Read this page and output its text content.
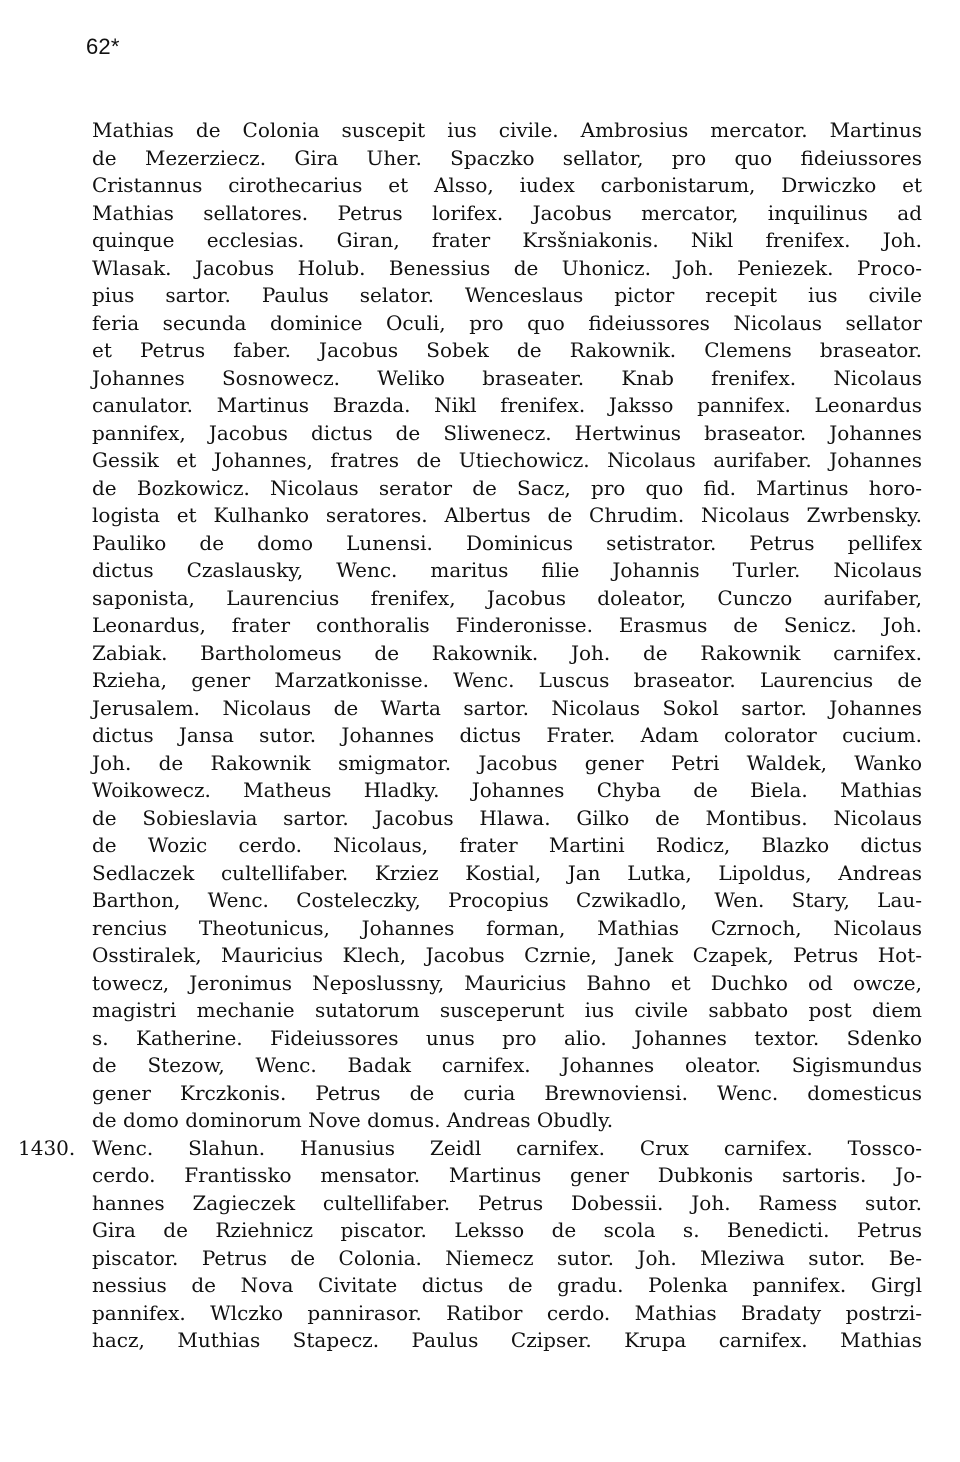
62*
1430.
Mathias de Colonia suscepit ius civile. Ambrosius mercator. Martinus
de Mezerziecz. Gira Uher. Spaczko sellator, pro quo fideiussores
Cristannus cirothecarius et Alsso, iudex carbonistarum, Drwiczko et
Mathias sellatores. Petrus lorifex. Jacobus mercator, inquilinus ad
quinque ecclesias. Giran, frater Krsšniakonis. Nikl frenifex. Joh.
Wlasak. Jacobus Holub. Benessius de Uhonicz. Joh. Peniezek. Proco-
pius sartor. Paulus selator. Wenceslaus pictor recepit ius civile
feria secunda dominice Oculi, pro quo fideiussores Nicolaus sellator
et Petrus faber. Jacobus Sobek de Rakownik. Clemens braseator.
Johannes Sosnowecz. Weliko braseater. Knab frenifex. Nicolaus
canulator. Martinus Brazda. Nikl frenifex. Jaksso pannifex. Leonardus
pannifex, Jacobus dictus de Sliwenecz. Hertwinus braseator. Johannes
Gessik et Johannes, fratres de Utiechowicz. Nicolaus aurifaber. Johannes
de Bozkowicz. Nicolaus serator de Sacz, pro quo fid. Martinus horo-
logista et Kulhanko seratores. Albertus de Chrudim. Nicolaus Zwrbensky.
Pauliko de domo Lunensi. Dominicus setistrator. Petrus pellifex
dictus Czaslausky, Wenc. maritus filie Johannis Turler. Nicolaus
saponista, Laurencius frenifex, Jacobus doleator, Cunczo aurifaber,
Leonardus, frater conthoralis Finderonisse. Erasmus de Senicz. Joh.
Zabiak. Bartholomeus de Rakownik. Joh. de Rakownik carnifex.
Rzieha, gener Marzatkonisse. Wenc. Luscus braseator. Laurencius de
Jerusalem. Nicolaus de Warta sartor. Nicolaus Sokol sartor. Johannes
dictus Jansa sutor. Johannes dictus Frater. Adam colorator cucium.
Joh. de Rakownik smigmator. Jacobus gener Petri Waldek, Wanko
Woikowecz. Matheus Hladky. Johannes Chyba de Biela. Mathias
de Sobieslavia sartor. Jacobus Hlawa. Gilko de Montibus. Nicolaus
de Wozic cerdo. Nicolaus, frater Martini Rodicz, Blazko dictus
Sedlaczek cultellifaber. Krziez Kostial, Jan Lutka, Lipoldus, Andreas
Barthon, Wenc. Costeleczky, Procopius Czwikadlo, Wen. Stary, Lau-
rencius Theotunicus, Johannes forman, Mathias Czrnoch, Nicolaus
Osstiralek, Mauricius Klech, Jacobus Czrnie, Janek Czapek, Petrus Hot-
towecz, Jeronimus Neposlussny, Mauricius Bahno et Duchko od owcze,
magistri mechanie sutatorum susceperunt ius civile sabbato post diem
s. Katherine. Fideiussores unus pro alio. Johannes textor. Sdenko
de Stezow, Wenc. Badak carnifex. Johannes oleator. Sigismundus
gener Krczkonis. Petrus de curia Brewnoviensi. Wenc. domesticus
de domo dominorum Nove domus. Andreas Obudly.
Wenc. Slahun. Hanusius Zeidl carnifex. Crux carnifex. Tossco-
cerdo. Frantissko mensator. Martinus gener Dubkonis sartoris. Jo-
hannes Zagieczek cultellifaber. Petrus Dobessii. Joh. Ramess sutor.
Gira de Rziehnicz piscator. Leksso de scola s. Benedicti. Petrus
piscator. Petrus de Colonia. Niemecz sutor. Joh. Mleziwa sutor. Be-
nessius de Nova Civitate dictus de gradu. Polenka pannifex. Girgl
pannifex. Wlczko pannirasor. Ratibor cerdo. Mathias Bradaty postrzi-
hacz, Muthias Stapecz. Paulus Czipser. Krupa carnifex. Mathias
